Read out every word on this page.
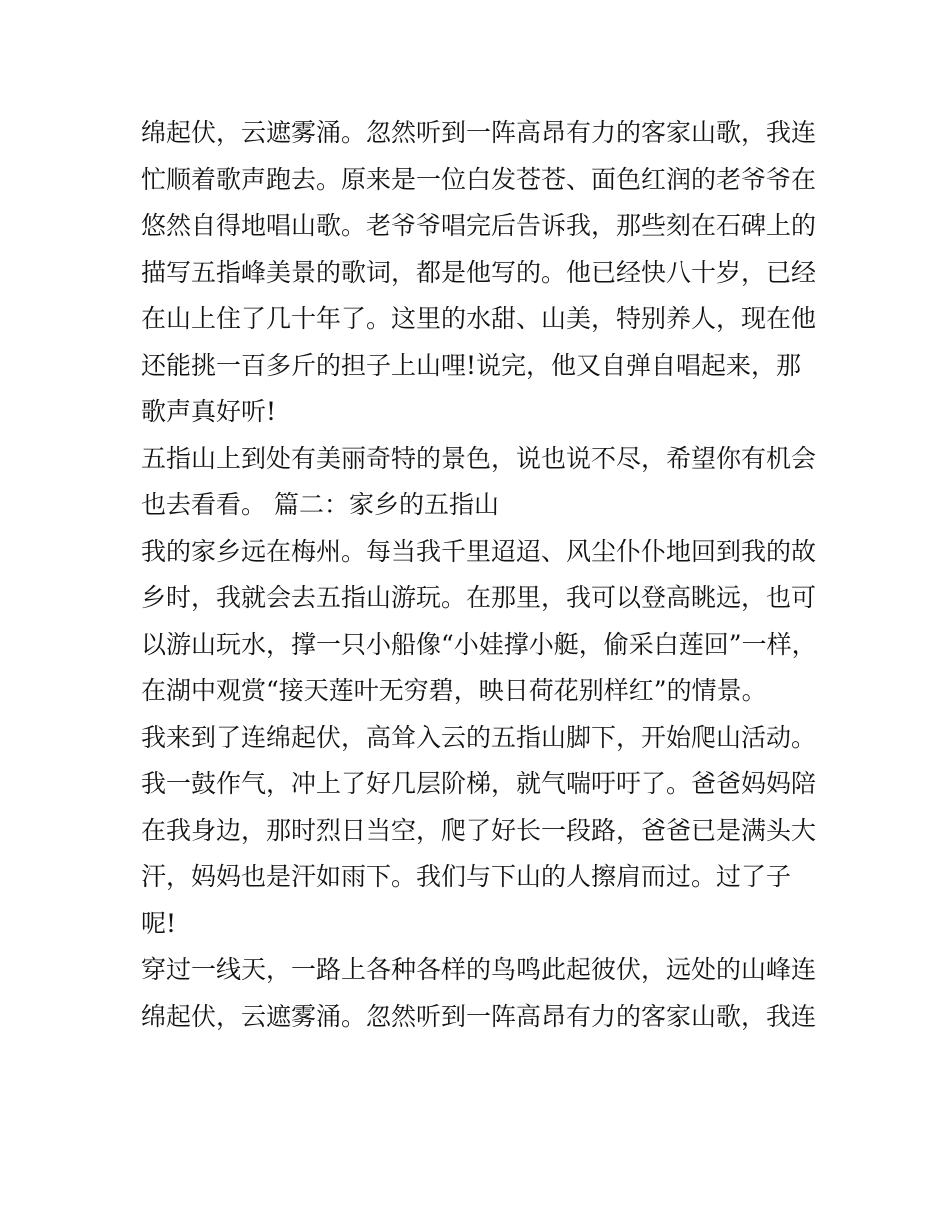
绵起伏，云遮雾涌。忽然听到一阵高昂有力的客家山歌，我连
忙顺着歌声跑去。原来是一位白发苍苍、面色红润的老爷爷在
悠然自得地唱山歌。老爷爷唱完后告诉我，那些刻在石碑上的
描写五指峰美景的歌词，都是他写的。他已经快八十岁，已经
在山上住了几十年了。这里的水甜、山美，特别养人，现在他
还能挑一百多斤的担子上山哩!说完，他又自弹自唱起来，那
歌声真好听!
五指山上到处有美丽奇特的景色，说也说不尽，希望你有机会
也去看看。 篇二：家乡的五指山
我的家乡远在梅州。每当我千里迢迢、风尘仆仆地回到我的故
乡时，我就会去五指山游玩。在那里，我可以登高眺远，也可
以游山玩水，撑一只小船像“小娃撑小艇，偷采白莲回”一样，
在湖中观赏“接天莲叶无穷碧，映日荷花别样红”的情景。
我来到了连绵起伏，高耸入云的五指山脚下，开始爬山活动。
我一鼓作气，冲上了好几层阶梯，就气喘吁吁了。爸爸妈妈陪
在我身边，那时烈日当空，爬了好长一段路，爸爸已是满头大
汗，妈妈也是汗如雨下。我们与下山的人擦肩而过。过了子
呢!
穿过一线天，一路上各种各样的鸟鸣此起彼伏，远处的山峰连
绵起伏，云遮雾涌。忽然听到一阵高昂有力的客家山歌，我连
